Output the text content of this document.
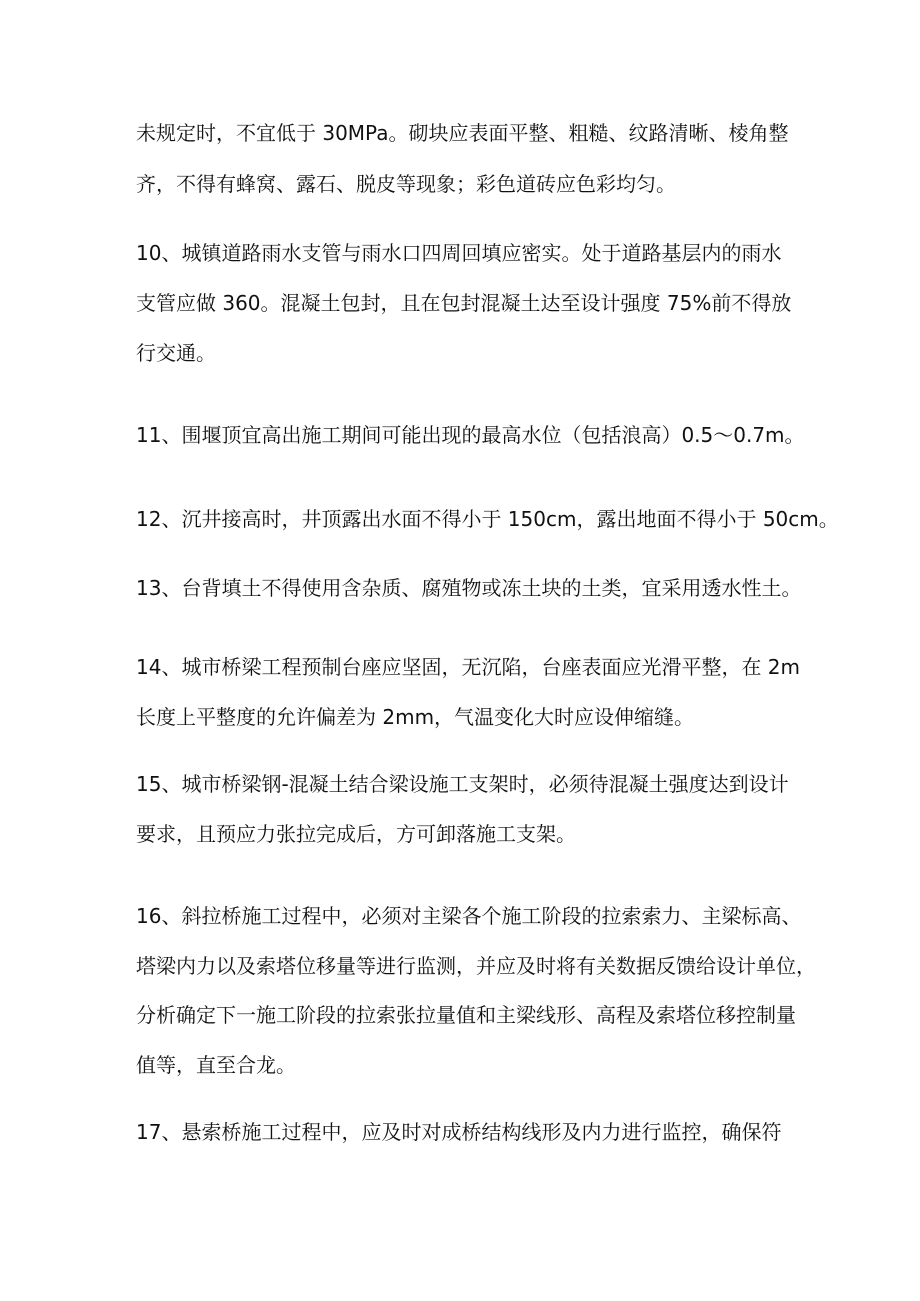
未规定时，不宜低于 30MPa。砌块应表面平整、粗糙、纹路清晰、棱角整
齐，不得有蜂窝、露石、脱皮等现象；彩色道砖应色彩均匀。
10、城镇道路雨水支管与雨水口四周回填应密实。处于道路基层内的雨水
支管应做 360。混凝土包封，且在包封混凝土达至设计强度 75%前不得放
行交通。
11、围堰顶宜高出施工期间可能出现的最高水位（包括浪高）0.5～0.7m。
12、沉井接高时，井顶露出水面不得小于 150cm，露出地面不得小于 50cm。
13、台背填土不得使用含杂质、腐殖物或冻土块的土类，宜采用透水性土。
14、城市桥梁工程预制台座应坚固，无沉陷，台座表面应光滑平整，在 2m
长度上平整度的允许偏差为 2mm，气温变化大时应设伸缩缝。
15、城市桥梁钢-混凝土结合梁设施工支架时，必须待混凝土强度达到设计
要求，且预应力张拉完成后，方可卸落施工支架。
16、斜拉桥施工过程中，必须对主梁各个施工阶段的拉索索力、主梁标高、
塔梁内力以及索塔位移量等进行监测，并应及时将有关数据反馈给设计单位，
分析确定下一施工阶段的拉索张拉量值和主梁线形、高程及索塔位移控制量
值等，直至合龙。
17、悬索桥施工过程中，应及时对成桥结构线形及内力进行监控，确保符
